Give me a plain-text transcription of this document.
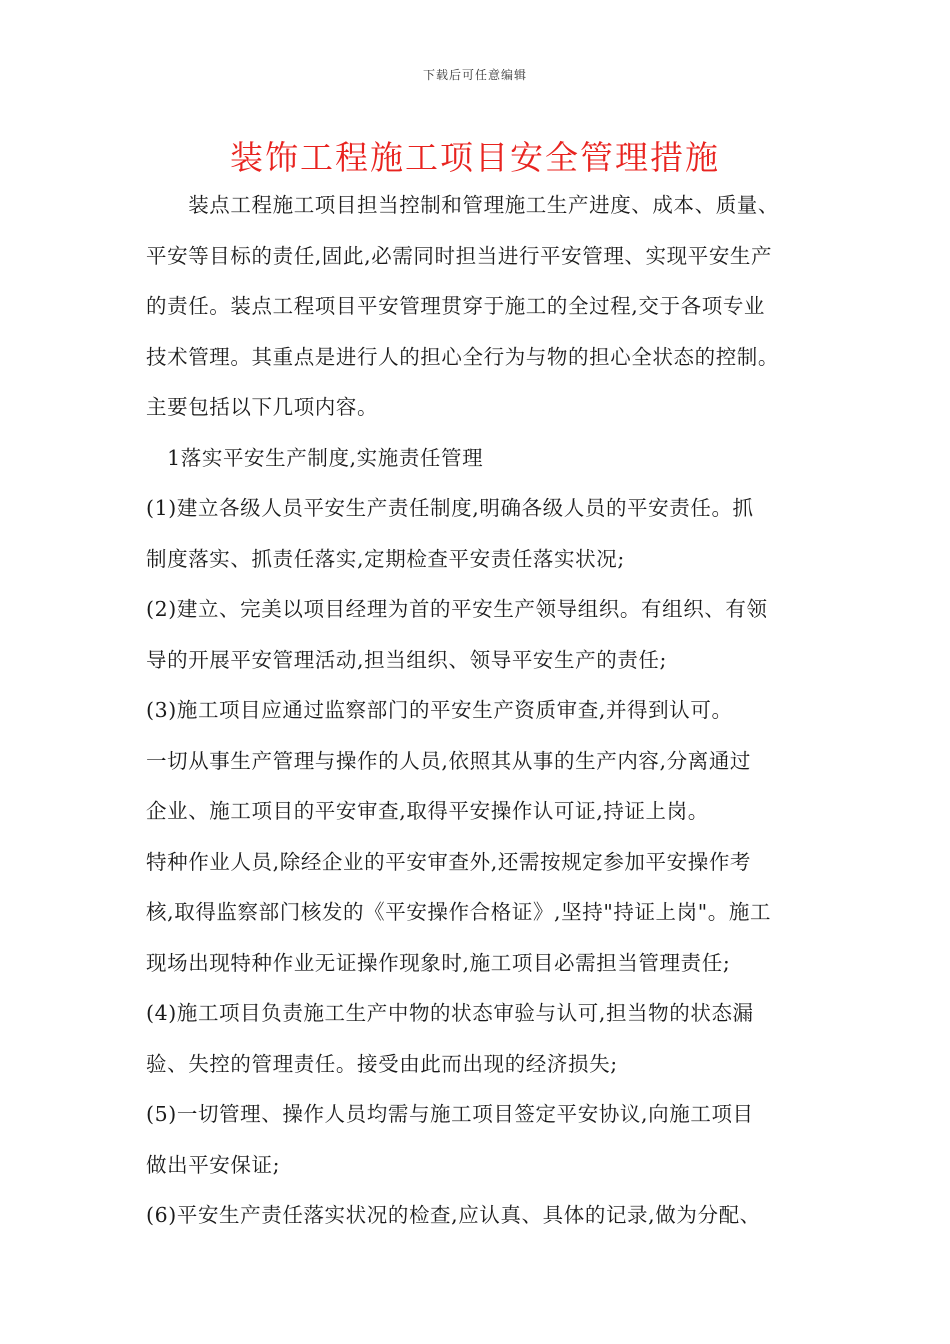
下载后可任意编辑
装饰工程施工项目安全管理措施
　　装点工程施工项目担当控制和管理施工生产进度、成本、质量、
平安等目标的责任,固此,必需同时担当进行平安管理、实现平安生产
的责任。装点工程项目平安管理贯穿于施工的全过程,交于各项专业
技术管理。其重点是进行人的担心全行为与物的担心全状态的控制。
主要包括以下几项内容。
　1落实平安生产制度,实施责任管理
(1)建立各级人员平安生产责任制度,明确各级人员的平安责任。抓
制度落实、抓责任落实,定期检查平安责任落实状况;
(2)建立、完美以项目经理为首的平安生产领导组织。有组织、有领
导的开展平安管理活动,担当组织、领导平安生产的责任;
(3)施工项目应通过监察部门的平安生产资质审查,并得到认可。
一切从事生产管理与操作的人员,依照其从事的生产内容,分离通过
企业、施工项目的平安审查,取得平安操作认可证,持证上岗。
特种作业人员,除经企业的平安审查外,还需按规定参加平安操作考
核,取得监察部门核发的《平安操作合格证》,坚持"持证上岗"。施工
现场出现特种作业无证操作现象时,施工项目必需担当管理责任;
(4)施工项目负责施工生产中物的状态审验与认可,担当物的状态漏
验、失控的管理责任。接受由此而出现的经济损失;
(5)一切管理、操作人员均需与施工项目签定平安协议,向施工项目
做出平安保证;
(6)平安生产责任落实状况的检查,应认真、具体的记录,做为分配、
